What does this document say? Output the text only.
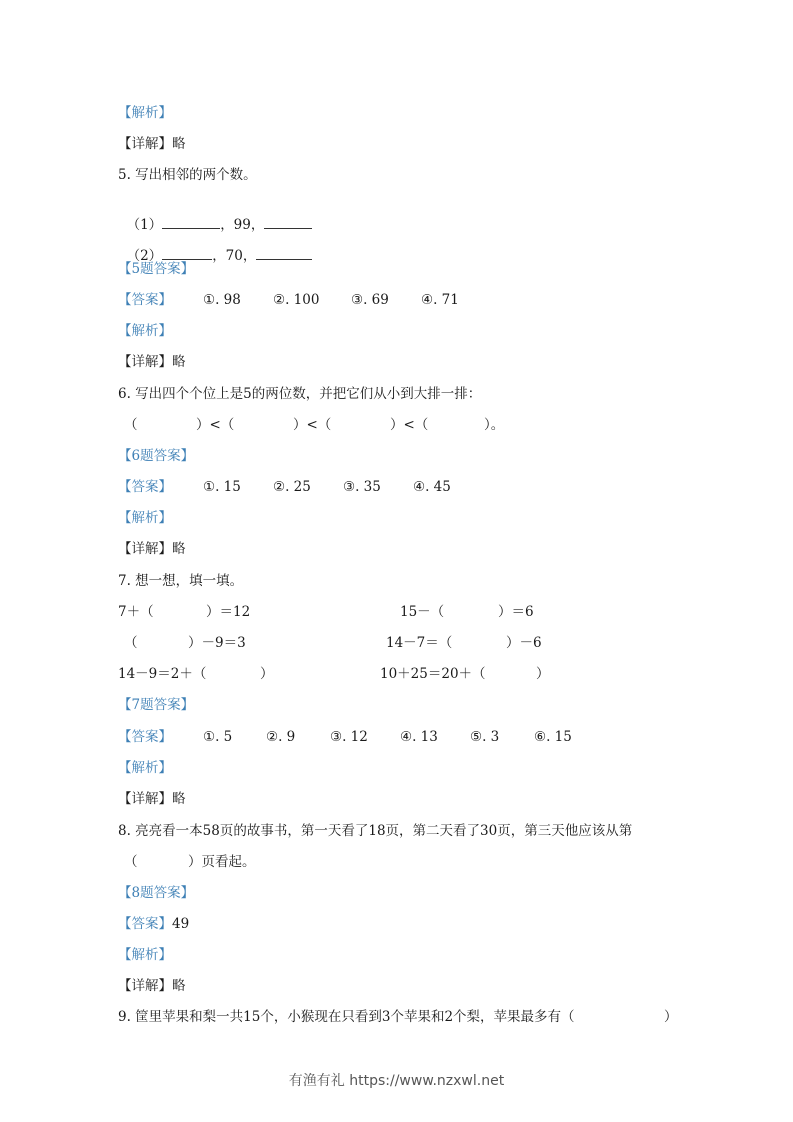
【解析】
【详解】略
5. 写出相邻的两个数。

（1）	，99，

（2）	，70，

【5题答案】

【答案】

①. 98

②. 100

③. 69

④. 71

【解析】
【详解】略
6. 写出四个个位上是5的两位数，并把它们从小到大排一排：

（

	）<（

	）<（

	）<（

	）。

【6题答案】

【答案】

①. 15

②. 25

③. 35

④. 45

【解析】
【详解】略
7. 想一想，填一填。

7＋（

	）＝12

	15－（

	）＝6

（

	）－9＝3

	14－7＝（

	）－6

14－9＝2＋（

	）

	10＋25＝20＋（

	）

【7题答案】

【答案】

①. 5

②. 9

	③. 12

④. 13

⑤. 3

	⑥. 15

【解析】
【详解】略
8. 亮亮看一本58页的故事书，第一天看了18页，第二天看了30页，第三天他应该从第

（

	）页看起。

【8题答案】
【答案】49
【解析】
【详解】略

9. 筐里苹果和梨一共15个，小猴现在只看到3个苹果和2个梨，苹果最多有（

	）

有渔有礼 https://www.nzxwl.net
